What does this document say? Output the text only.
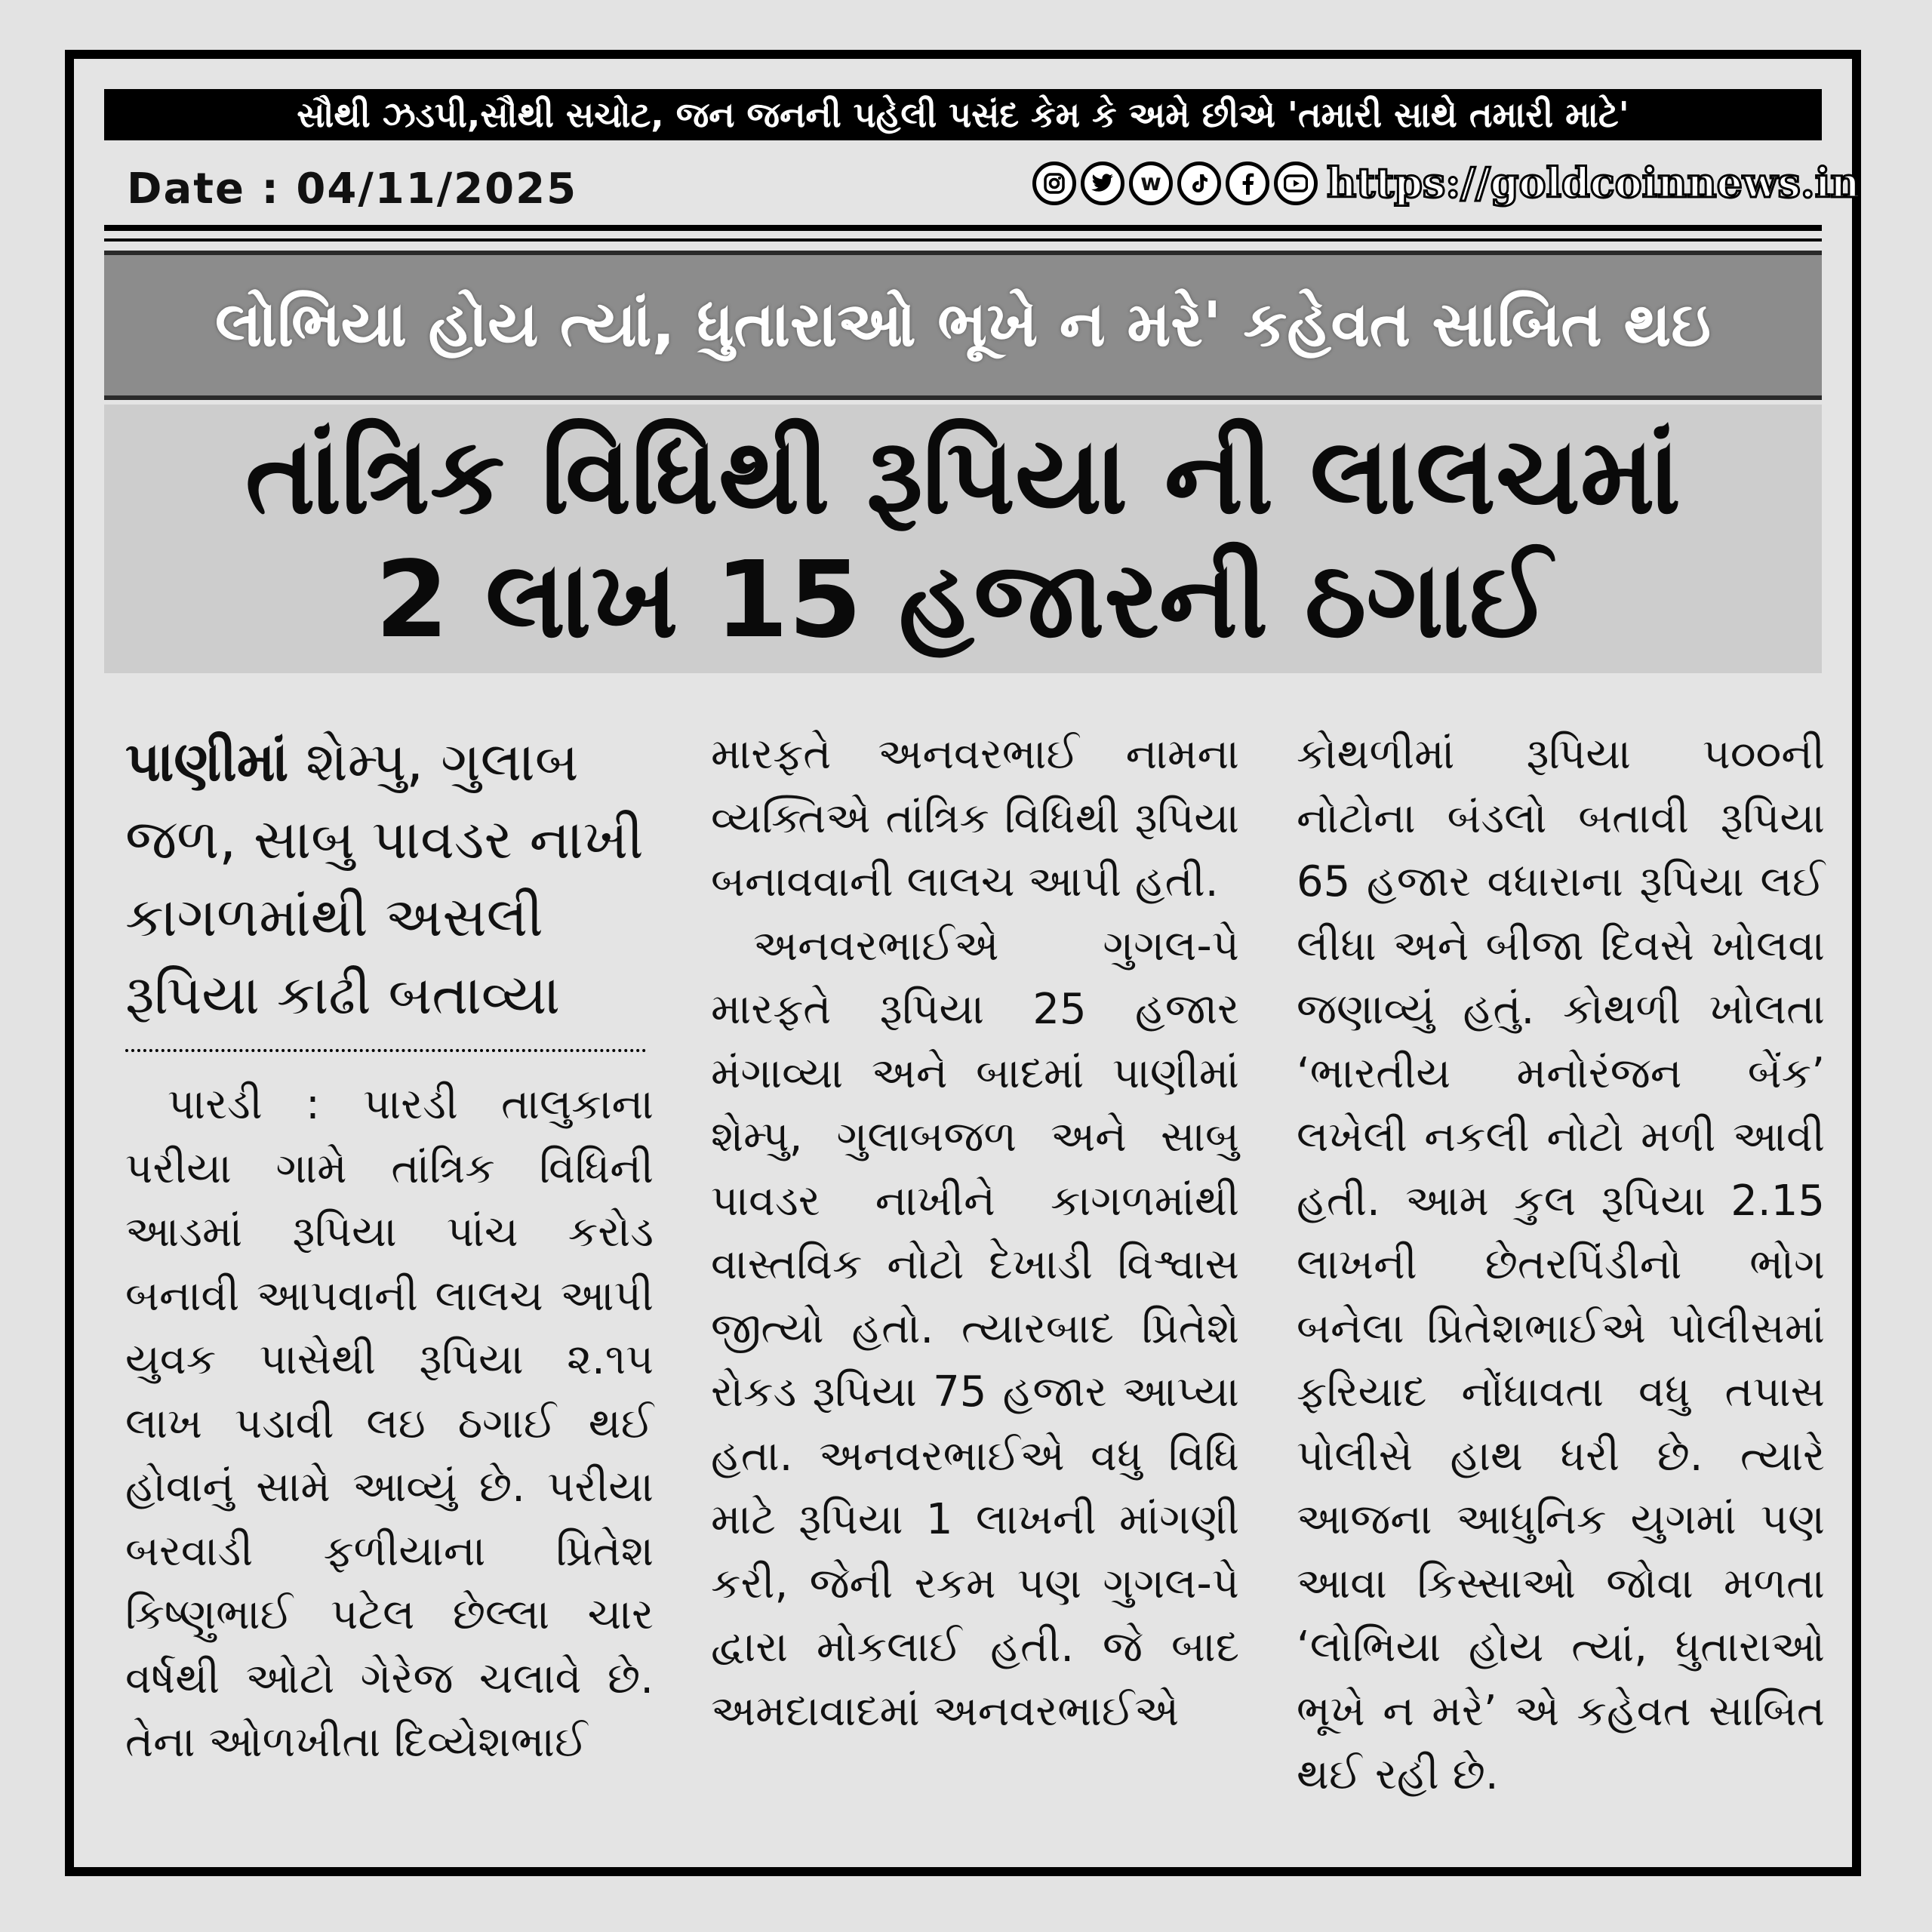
સૌથી ઝડપી,સૌથી સચોટ, જન જનની પહેલી પસંદ કેમ કે અમે છીએ 'તમારી સાથે તમારી માટે'
Date : 04/11/2025	w	https://goldcoinnews.in
લોભિયા હોય ત્યાં, ધુતારાઓ ભૂખે ન મરે' કહેવત સાબિત થઇ
તાંત્રિક વિધિથી રૂપિયા ની લાલચમાં
2 લાખ 15 હજારની ઠગાઈ

પાણીમાં શેમ્પુ, ગુલાબ જળ, સાબુ પાવડર નાખી કાગળમાંથી અસલી રૂપિયા કાઢી બતાવ્યા

પારડી : પારડી તાલુકાના પરીયા ગામે તાંત્રિક વિધિની આડમાં રૂપિયા પાંચ કરોડ બનાવી આપવાની લાલચ આપી યુવક પાસેથી રૂપિયા ૨.૧૫ લાખ પડાવી લઇ ઠગાઈ થઈ હોવાનું સામે આવ્યું છે. પરીયા બરવાડી ફળીયાના પ્રિતેશ કિષ્ણુભાઈ પટેલ છેલ્લા ચાર વર્ષથી ઓટો ગેરેજ ચલાવે છે. તેના ઓળખીતા દિવ્યેશભાઈ

મારફતે અનવરભાઈ નામના વ્યક્તિએ તાંત્રિક વિધિથી રૂપિયા બનાવવાની લાલચ આપી હતી.

અનવરભાઈએ ગુગલ-પે મારફતે રૂપિયા 25 હજાર મંગાવ્યા અને બાદમાં પાણીમાં શેમ્પુ, ગુલાબજળ અને સાબુ પાવડર નાખીને કાગળમાંથી વાસ્તવિક નોટો દેખાડી વિશ્વાસ જીત્યો હતો. ત્યારબાદ પ્રિતેશે રોકડ રૂપિયા 75 હજાર આપ્યા હતા. અનવરભાઈએ વધુ વિધિ માટે રૂપિયા 1 લાખની માંગણી કરી, જેની રકમ પણ ગુગલ-પે દ્વારા મોકલાઈ હતી. જે બાદ અમદાવાદમાં અનવરભાઈએ

કોથળીમાં રૂપિયા ૫૦૦ની નોટોના બંડલો બતાવી રૂપિયા 65 હજાર વધારાના રૂપિયા લઈ લીધા અને બીજા દિવસે ખોલવા જણાવ્યું હતું. કોથળી ખોલતા ‘ભારતીય મનોરંજન બેંક’ લખેલી નકલી નોટો મળી આવી હતી. આમ કુલ રૂપિયા 2.15 લાખની છેતરપિંડીનો ભોગ બનેલા પ્રિતેશભાઈએ પોલીસમાં ફરિયાદ નોંધાવતા વધુ તપાસ પોલીસે હાથ ધરી છે. ત્યારે આજના આધુનિક યુગમાં પણ આવા કિસ્સાઓ જોવા મળતા ‘લોભિયા હોય ત્યાં, ધુતારાઓ ભૂખે ન મરે’ એ કહેવત સાબિત થઈ રહી છે.
